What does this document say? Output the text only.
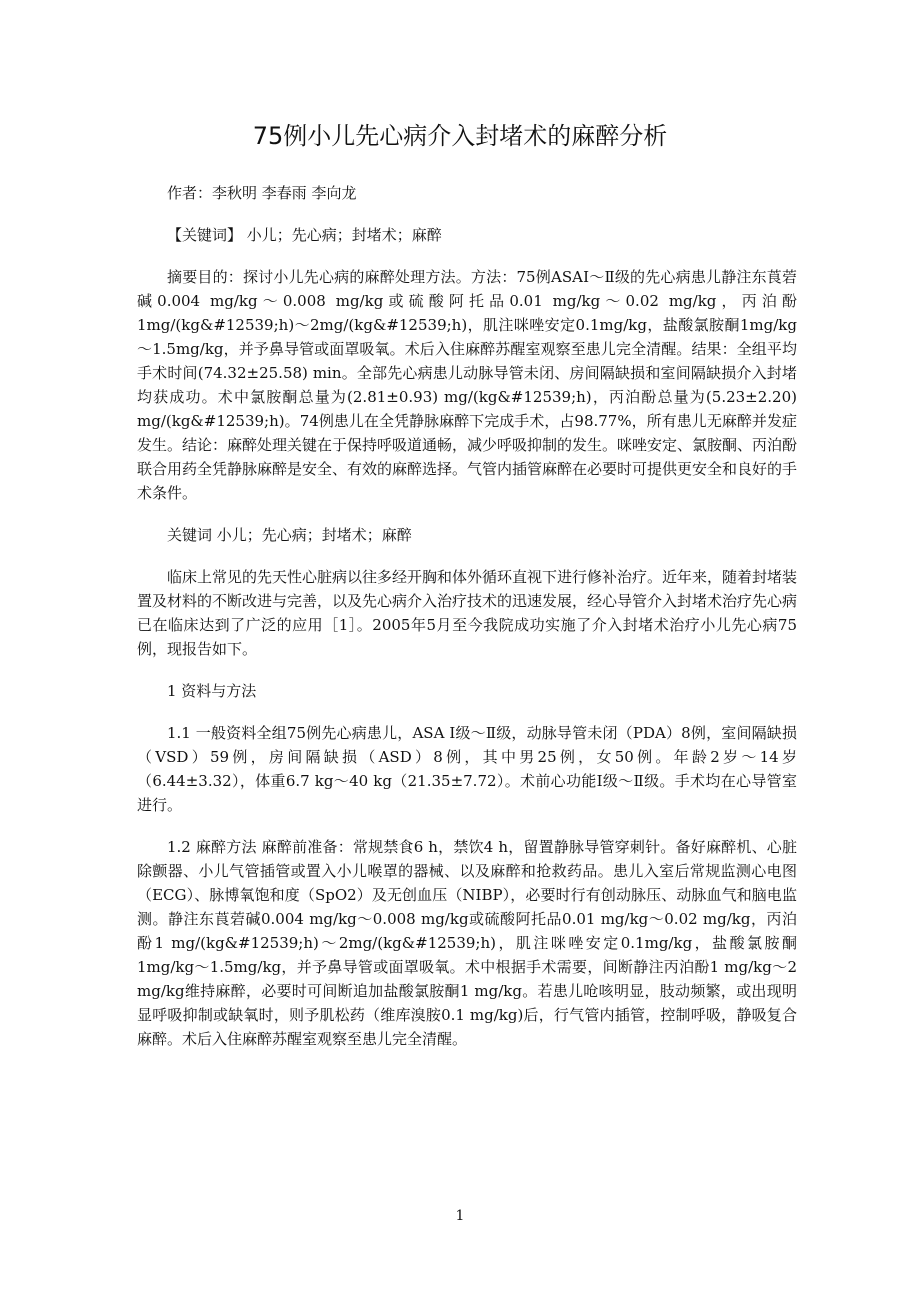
75例小儿先心病介入封堵术的麻醉分析

作者：李秋明 李春雨 李向龙

【关键词】 小儿；先心病；封堵术；麻醉

摘要目的：探讨小儿先心病的麻醉处理方法。方法：75例ASAⅠ～Ⅱ级的先心病患儿静注东莨菪碱0.004 mg/kg～0.008 mg/kg或硫酸阿托品0.01 mg/kg～0.02 mg/kg，丙泊酚1mg/(kg&#12539;h)～2mg/(kg&#12539;h)，肌注咪唑安定0.1mg/kg，盐酸氯胺酮1mg/kg～1.5mg/kg，并予鼻导管或面罩吸氧。术后入住麻醉苏醒室观察至患儿完全清醒。结果：全组平均手术时间(74.32±25.58) min。全部先心病患儿动脉导管未闭、房间隔缺损和室间隔缺损介入封堵均获成功。术中氯胺酮总量为(2.81±0.93) mg/(kg&#12539;h)，丙泊酚总量为(5.23±2.20) mg/(kg&#12539;h)。74例患儿在全凭静脉麻醉下完成手术，占98.77%，所有患儿无麻醉并发症发生。结论：麻醉处理关键在于保持呼吸道通畅，减少呼吸抑制的发生。咪唑安定、氯胺酮、丙泊酚联合用药全凭静脉麻醉是安全、有效的麻醉选择。气管内插管麻醉在必要时可提供更安全和良好的手术条件。

关键词 小儿；先心病；封堵术；麻醉

临床上常见的先天性心脏病以往多经开胸和体外循环直视下进行修补治疗。近年来，随着封堵装置及材料的不断改进与完善，以及先心病介入治疗技术的迅速发展，经心导管介入封堵术治疗先心病已在临床达到了广泛的应用［1］。2005年5月至今我院成功实施了介入封堵术治疗小儿先心病75例，现报告如下。

1 资料与方法

1.1 一般资料全组75例先心病患儿，ASA Ⅰ级～Ⅱ级，动脉导管未闭（PDA）8例，室间隔缺损（VSD）59例，房间隔缺损（ASD）8例，其中男25例，女50例。年龄2岁～14岁（6.44±3.32），体重6.7 kg～40 kg（21.35±7.72）。术前心功能Ⅰ级～Ⅱ级。手术均在心导管室进行。

1.2 麻醉方法 麻醉前准备：常规禁食6 h，禁饮4 h，留置静脉导管穿刺针。备好麻醉机、心脏除颤器、小儿气管插管或置入小儿喉罩的器械、以及麻醉和抢救药品。患儿入室后常规监测心电图（ECG）、脉博氧饱和度（SpO2）及无创血压（NIBP），必要时行有创动脉压、动脉血气和脑电监测。静注东莨菪碱0.004 mg/kg～0.008 mg/kg或硫酸阿托品0.01 mg/kg～0.02 mg/kg，丙泊酚1 mg/(kg&#12539;h)～2mg/(kg&#12539;h)，肌注咪唑安定0.1mg/kg，盐酸氯胺酮1mg/kg～1.5mg/kg，并予鼻导管或面罩吸氧。术中根据手术需要，间断静注丙泊酚1 mg/kg～2 mg/kg维持麻醉，必要时可间断追加盐酸氯胺酮1 mg/kg。若患儿呛咳明显，肢动频繁，或出现明显呼吸抑制或缺氧时，则予肌松药（维库溴胺0.1 mg/kg)后，行气管内插管，控制呼吸，静吸复合麻醉。术后入住麻醉苏醒室观察至患儿完全清醒。

1
